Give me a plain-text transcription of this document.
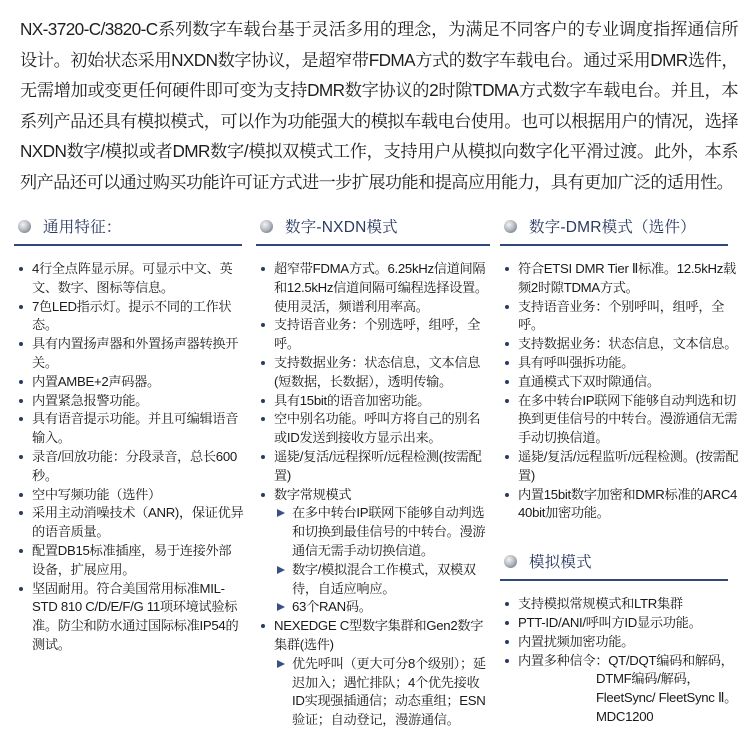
NX-3720-C/3820-C系列数字车载台基于灵活多用的理念，为满足不同客户的专业调度指挥通信所设计。初始状态采用NXDN数字协议，是超窄带FDMA方式的数字车载电台。通过采用DMR选件，无需增加或变更任何硬件即可变为支持DMR数字协议的2时隙TDMA方式数字车载电台。并且，本系列产品还具有模拟模式，可以作为功能强大的模拟车载电台使用。也可以根据用户的情况，选择NXDN数字/模拟或者DMR数字/模拟双模式工作，支持用户从模拟向数字化平滑过渡。此外，本系列产品还可以通过购买功能许可证方式进一步扩展功能和提高应用能力，具有更加广泛的适用性。
通用特征：
4行全点阵显示屏。可显示中文、英文、数字、图标等信息。
7色LED指示灯。提示不同的工作状态。
具有内置扬声器和外置扬声器转换开关。
内置AMBE+2声码器。
内置紧急报警功能。
具有语音提示功能。并且可编辑语音输入。
录音/回放功能：分段录音，总长600秒。
空中写频功能（选件）
采用主动消噪技术（ANR)，保证优异的语音质量。
配置DB15标准插座，易于连接外部设备，扩展应用。
坚固耐用。符合美国常用标准MIL-STD 810 C/D/E/F/G 11项环境试验标准。防尘和防水通过国际标准IP54的测试。
数字-NXDN模式
超窄带FDMA方式。6.25kHz信道间隔和12.5kHz信道间隔可编程选择设置。使用灵活，频谱利用率高。
支持语音业务：个别选呼，组呼，全呼。
支持数据业务：状态信息，文本信息(短数据，长数据），透明传输。
具有15bit的语音加密功能。
空中别名功能。呼叫方将自己的别名或ID发送到接收方显示出来。
遥毙/复活/远程探听/远程检测(按需配置)
数字常规模式
在多中转台IP联网下能够自动判选和切换到最佳信号的中转台。漫游通信无需手动切换信道。
数字/模拟混合工作模式，双模双待，自适应响应。
63个RAN码。
NEXEDGE C型数字集群和Gen2数字集群(选件)
优先呼叫（更大可分8个级别）；延迟加入；遇忙排队；4个优先接收ID实现强插通信；动态重组；ESN验证；自动登记，漫游通信。
数字-DMR模式（选件）
符合ETSI DMR Tier Ⅱ标准。12.5kHz载频2时隙TDMA方式。
支持语音业务：个别呼叫，组呼，全呼。
支持数据业务：状态信息，文本信息。
具有呼叫强拆功能。
直通模式下双时隙通信。
在多中转台IP联网下能够自动判选和切换到更佳信号的中转台。漫游通信无需手动切换信道。
遥毙/复活/远程监听/远程检测。(按需配置)
内置15bit数字加密和DMR标准的ARC4 40bit加密功能。
模拟模式
支持模拟常规模式和LTR集群
PTT-ID/ANI/呼叫方ID显示功能。
内置扰频加密功能。
内置多种信令：QT/DQT编码和解码，
DTMF编码/解码，
FleetSync/ FleetSync Ⅱ。
MDC1200
